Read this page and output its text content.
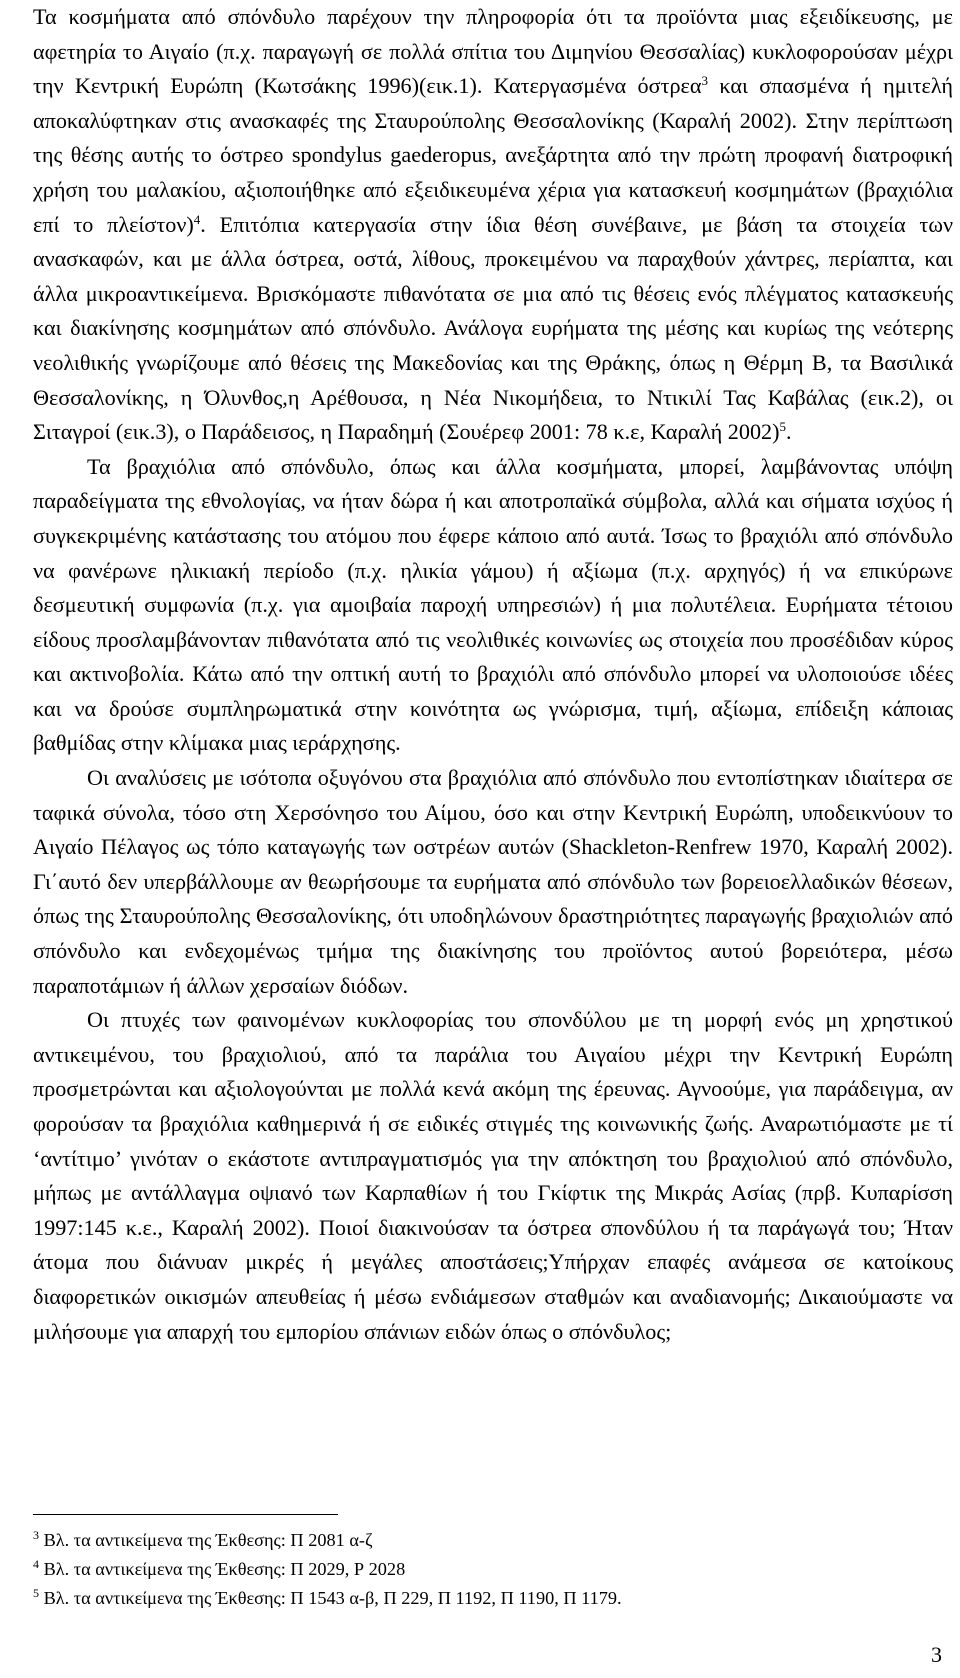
Τα κοσμήματα από σπόνδυλο παρέχουν την πληροφορία ότι τα προϊόντα μιας εξειδίκευσης, με αφετηρία το Αιγαίο (π.χ. παραγωγή σε πολλά σπίτια του Διμηνίου Θεσσαλίας) κυκλοφορούσαν μέχρι την Κεντρική Ευρώπη (Κωτσάκης 1996)(εικ.1). Κατεργασμένα όστρεα$^3$ και σπασμένα ή ημιτελή αποκαλύφτηκαν στις ανασκαφές της Σταυρούπολης Θεσσαλονίκης (Καραλή 2002). Στην περίπτωση της θέσης αυτής το όστρεο spondylus gaederopus, ανεξάρτητα από την πρώτη προφανή διατροφική χρήση του μαλακίου, αξιοποιήθηκε από εξειδικευμένα χέρια για κατασκευή κοσμημάτων (βραχιόλια επί το πλείστον)$^4$. Επιτόπια κατεργασία στην ίδια θέση συνέβαινε, με βάση τα στοιχεία των ανασκαφών, και με άλλα όστρεα, οστά, λίθους, προκειμένου να παραχθούν χάντρες, περίαπτα, και άλλα μικροαντικείμενα. Βρισκόμαστε πιθανότατα σε μια από τις θέσεις ενός πλέγματος κατασκευής και διακίνησης κοσμημάτων από σπόνδυλο. Ανάλογα ευρήματα της μέσης και κυρίως της νεότερης νεολιθικής γνωρίζουμε από θέσεις της Μακεδονίας και της Θράκης, όπως η Θέρμη Β, τα Βασιλικά Θεσσαλονίκης, η Όλυνθος,η Αρέθουσα, η Νέα Νικομήδεια, το Ντικιλί Τας Καβάλας (εικ.2), οι Σιταγροί (εικ.3), ο Παράδεισος, η Παραδημή (Σουέρεφ 2001: 78 κ.ε, Καραλή 2002)$^5$.

Τα βραχιόλια από σπόνδυλο, όπως και άλλα κοσμήματα, μπορεί, λαμβάνοντας υπόψη παραδείγματα της εθνολογίας, να ήταν δώρα ή και αποτροπαϊκά σύμβολα, αλλά και σήματα ισχύος ή συγκεκριμένης κατάστασης του ατόμου που έφερε κάποιο από αυτά. Ίσως το βραχιόλι από σπόνδυλο να φανέρωνε ηλικιακή περίοδο (π.χ. ηλικία γάμου) ή αξίωμα (π.χ. αρχηγός) ή να επικύρωνε δεσμευτική συμφωνία (π.χ. για αμοιβαία παροχή υπηρεσιών) ή μια πολυτέλεια. Ευρήματα τέτοιου είδους προσλαμβάνονταν πιθανότατα από τις νεολιθικές κοινωνίες ως στοιχεία που προσέδιδαν κύρος και ακτινοβολία. Κάτω από την οπτική αυτή το βραχιόλι από σπόνδυλο μπορεί να υλοποιούσε ιδέες και να δρούσε συμπληρωματικά στην κοινότητα ως γνώρισμα, τιμή, αξίωμα, επίδειξη κάποιας βαθμίδας στην κλίμακα μιας ιεράρχησης.

Οι αναλύσεις με ισότοπα οξυγόνου στα βραχιόλια από σπόνδυλο που εντοπίστηκαν ιδιαίτερα σε ταφικά σύνολα, τόσο στη Χερσόνησο του Αίμου, όσο και στην Κεντρική Ευρώπη, υποδεικνύουν το Αιγαίο Πέλαγος ως τόπο καταγωγής των οστρέων αυτών (Shackleton-Renfrew 1970, Καραλή 2002). Γι΄αυτό δεν υπερβάλλουμε αν θεωρήσουμε τα ευρήματα από σπόνδυλο των βορειοελλαδικών θέσεων, όπως της Σταυρούπολης Θεσσαλονίκης, ότι υποδηλώνουν δραστηριότητες παραγωγής βραχιολιών από σπόνδυλο και ενδεχομένως τμήμα της διακίνησης του προϊόντος αυτού βορειότερα, μέσω παραποτάμιων ή άλλων χερσαίων διόδων.

Οι πτυχές των φαινομένων κυκλοφορίας του σπονδύλου με τη μορφή ενός μη χρηστικού αντικειμένου, του βραχιολιού, από τα παράλια του Αιγαίου μέχρι την Κεντρική Ευρώπη προσμετρώνται και αξιολογούνται με πολλά κενά ακόμη της έρευνας. Αγνοούμε, για παράδειγμα, αν φορούσαν τα βραχιόλια καθημερινά ή σε ειδικές στιγμές της κοινωνικής ζωής. Αναρωτιόμαστε με τί ‘αντίτιμο’ γινόταν ο εκάστοτε αντιπραγματισμός για την απόκτηση του βραχιολιού από σπόνδυλο, μήπως με αντάλλαγμα οψιανό των Καρπαθίων ή του Γκίφτικ της Μικράς Ασίας (πρβ. Κυπαρίσση 1997:145 κ.ε., Καραλή 2002). Ποιοί διακινούσαν τα όστρεα σπονδύλου ή τα παράγωγά του; Ήταν άτομα που διάνυαν μικρές ή μεγάλες αποστάσεις;Υπήρχαν επαφές ανάμεσα σε κατοίκους διαφορετικών οικισμών απευθείας ή μέσω ενδιάμεσων σταθμών και αναδιανομής; Δικαιούμαστε να μιλήσουμε για απαρχή του εμπορίου σπάνιων ειδών όπως ο σπόνδυλος;

$^3$ Βλ. τα αντικείμενα της Έκθεσης: Π 2081 α-ζ

$^4$ Βλ. τα αντικείμενα της Έκθεσης: Π 2029, Ρ 2028

$^5$ Βλ. τα αντικείμενα της Έκθεσης: Π 1543 α-β, Π 229, Π 1192, Π 1190, Π 1179.

3
